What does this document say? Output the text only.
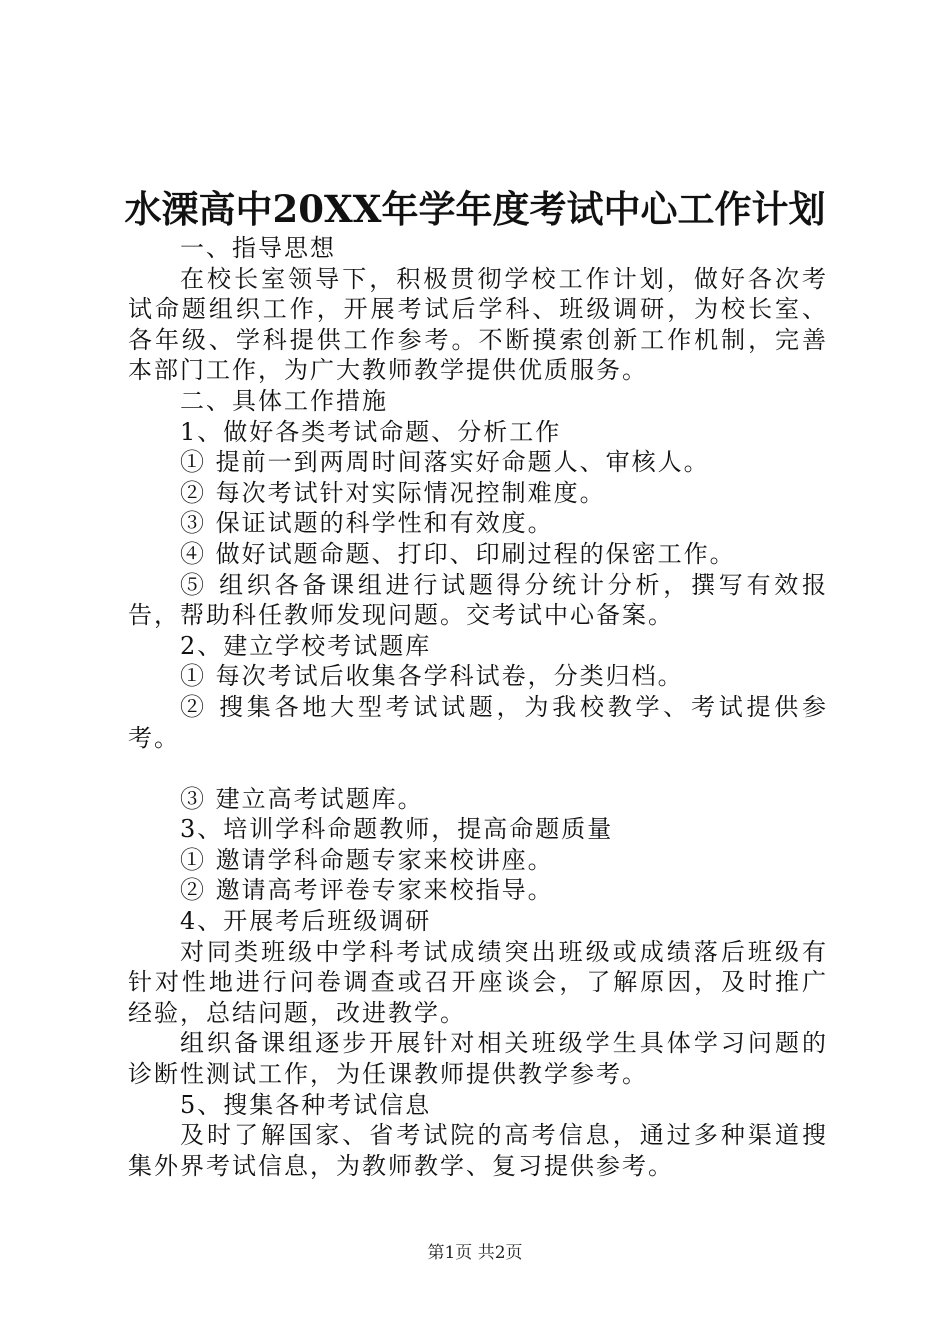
水溧高中20XX年学年度考试中心工作计划

一、指导思想

在校长室领导下，积极贯彻学校工作计划，做好各次考试命题组织工作，开展考试后学科、班级调研，为校长室、各年级、学科提供工作参考。不断摸索创新工作机制，完善本部门工作，为广大教师教学提供优质服务。

二、具体工作措施

1、做好各类考试命题、分析工作

① 提前一到两周时间落实好命题人、审核人。

② 每次考试针对实际情况控制难度。

③ 保证试题的科学性和有效度。

④ 做好试题命题、打印、印刷过程的保密工作。

⑤ 组织各备课组进行试题得分统计分析，撰写有效报告，帮助科任教师发现问题。交考试中心备案。

2、建立学校考试题库

① 每次考试后收集各学科试卷，分类归档。

② 搜集各地大型考试试题，为我校教学、考试提供参考。

③ 建立高考试题库。

3、培训学科命题教师，提高命题质量

① 邀请学科命题专家来校讲座。

② 邀请高考评卷专家来校指导。

4、开展考后班级调研

对同类班级中学科考试成绩突出班级或成绩落后班级有针对性地进行问卷调查或召开座谈会，了解原因，及时推广经验，总结问题，改进教学。

组织备课组逐步开展针对相关班级学生具体学习问题的诊断性测试工作，为任课教师提供教学参考。

5、搜集各种考试信息

及时了解国家、省考试院的高考信息，通过多种渠道搜集外界考试信息，为教师教学、复习提供参考。

第1页 共2页
